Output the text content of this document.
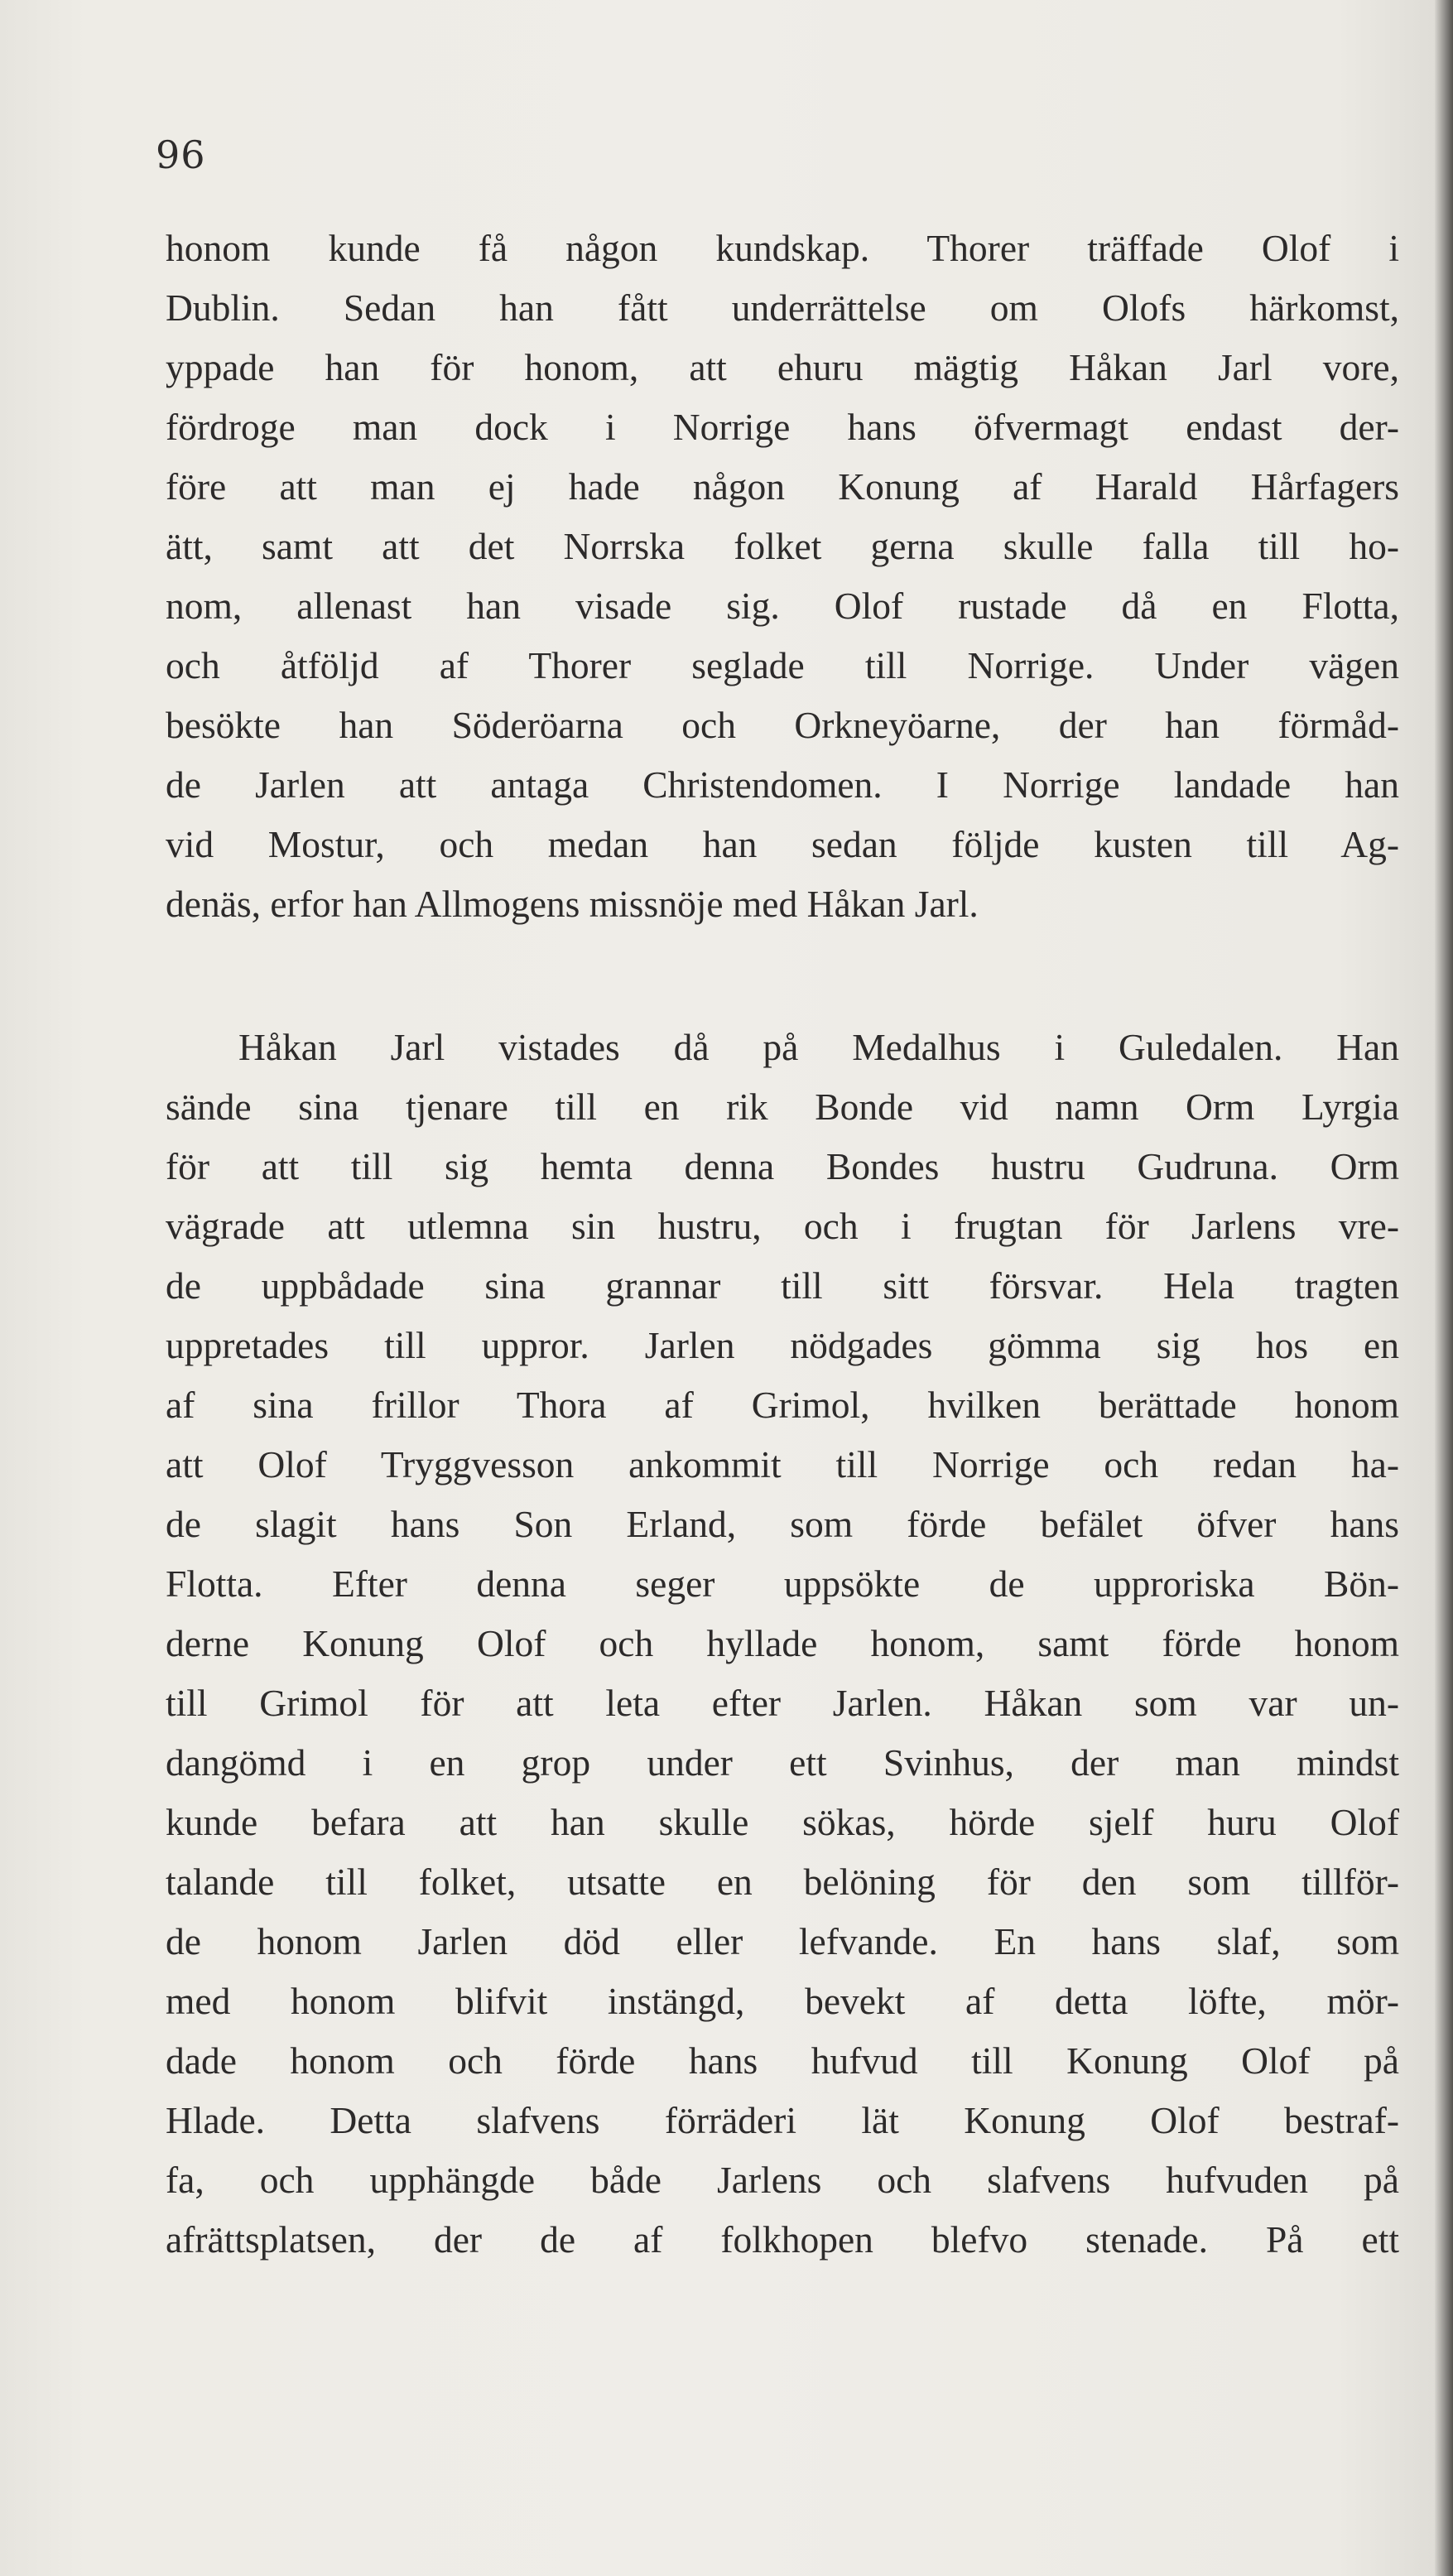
96
honom kunde få någon kundskap. Thorer träffade Olof i
Dublin. Sedan han fått underrättelse om Olofs härkomst,
yppade han för honom, att ehuru mägtig Håkan Jarl vore,
fördroge man dock i Norrige hans öfvermagt endast der-
före att man ej hade någon Konung af Harald Hårfagers
ätt, samt att det Norrska folket gerna skulle falla till ho-
nom, allenast han visade sig. Olof rustade då en Flotta,
och åtföljd af Thorer seglade till Norrige. Under vägen
besökte han Söderöarna och Orkneyöarne, der han förmåd-
de Jarlen att antaga Christendomen. I Norrige landade han
vid Mostur, och medan han sedan följde kusten till Ag-
denäs, erfor han Allmogens missnöje med Håkan Jarl.
Håkan Jarl vistades då på Medalhus i Guledalen. Han
sände sina tjenare till en rik Bonde vid namn Orm Lyrgia
för att till sig hemta denna Bondes hustru Gudruna. Orm
vägrade att utlemna sin hustru, och i frugtan för Jarlens vre-
de uppbådade sina grannar till sitt försvar. Hela tragten
uppretades till uppror. Jarlen nödgades gömma sig hos en
af sina frillor Thora af Grimol, hvilken berättade honom
att Olof Tryggvesson ankommit till Norrige och redan ha-
de slagit hans Son Erland, som förde befälet öfver hans
Flotta. Efter denna seger uppsökte de upproriska Bön-
derne Konung Olof och hyllade honom, samt förde honom
till Grimol för att leta efter Jarlen. Håkan som var un-
dangömd i en grop under ett Svinhus, der man mindst
kunde befara att han skulle sökas, hörde sjelf huru Olof
talande till folket, utsatte en belöning för den som tillför-
de honom Jarlen död eller lefvande. En hans slaf, som
med honom blifvit instängd, bevekt af detta löfte, mör-
dade honom och förde hans hufvud till Konung Olof på
Hlade. Detta slafvens förräderi lät Konung Olof bestraf-
fa, och upphängde både Jarlens och slafvens hufvuden på
afrättsplatsen, der de af folkhopen blefvo stenade. På ett
